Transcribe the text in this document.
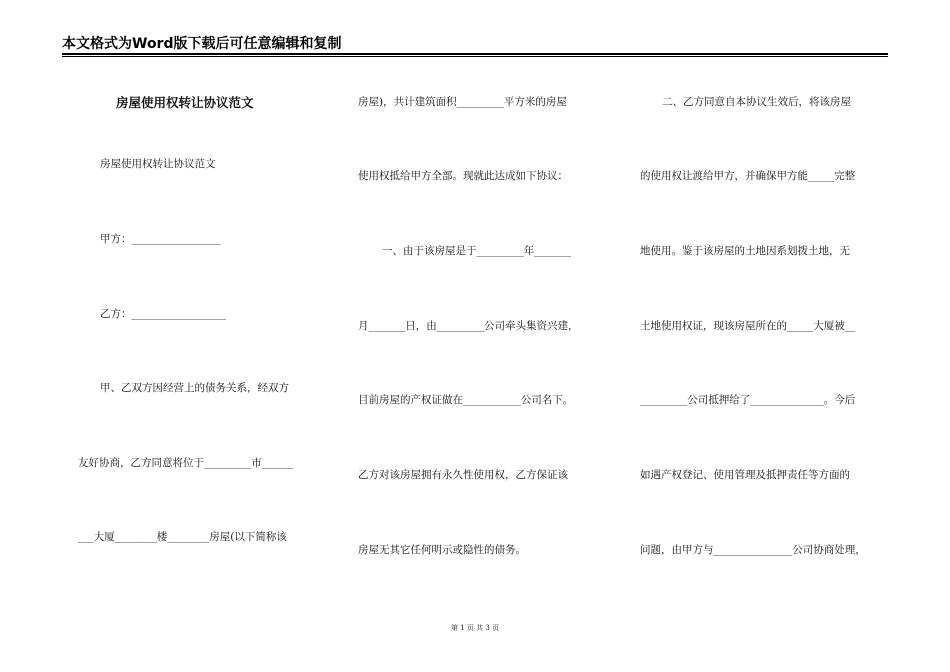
本文格式为Word版下载后可任意编辑和复制
房屋使用权转让协议范文
房屋使用权转让协议范文
甲方：_________________
乙方：__________________
甲、乙双方因经营上的债务关系，经双方
友好协商，乙方同意将位于_________市______
___大厦________楼________房屋(以下简称该
房屋)，共计建筑面积_________平方米的房屋
使用权抵给甲方全部。现就此达成如下协议：
一、由于该房屋是于_________年_______
月_______日，由_________公司牵头集资兴建，
目前房屋的产权证做在___________公司名下。
乙方对该房屋拥有永久性使用权，乙方保证该
房屋无其它任何明示或隐性的债务。
二、乙方同意自本协议生效后，将该房屋
的使用权让渡给甲方，并确保甲方能_____完整
地使用。鉴于该房屋的土地因系划拨土地，无
土地使用权证，现该房屋所在的_____大厦被__
_________公司抵押给了______________。今后
如遇产权登记、使用管理及抵押责任等方面的
问题，由甲方与_______________公司协商处理，
第 1 页 共 3 页
